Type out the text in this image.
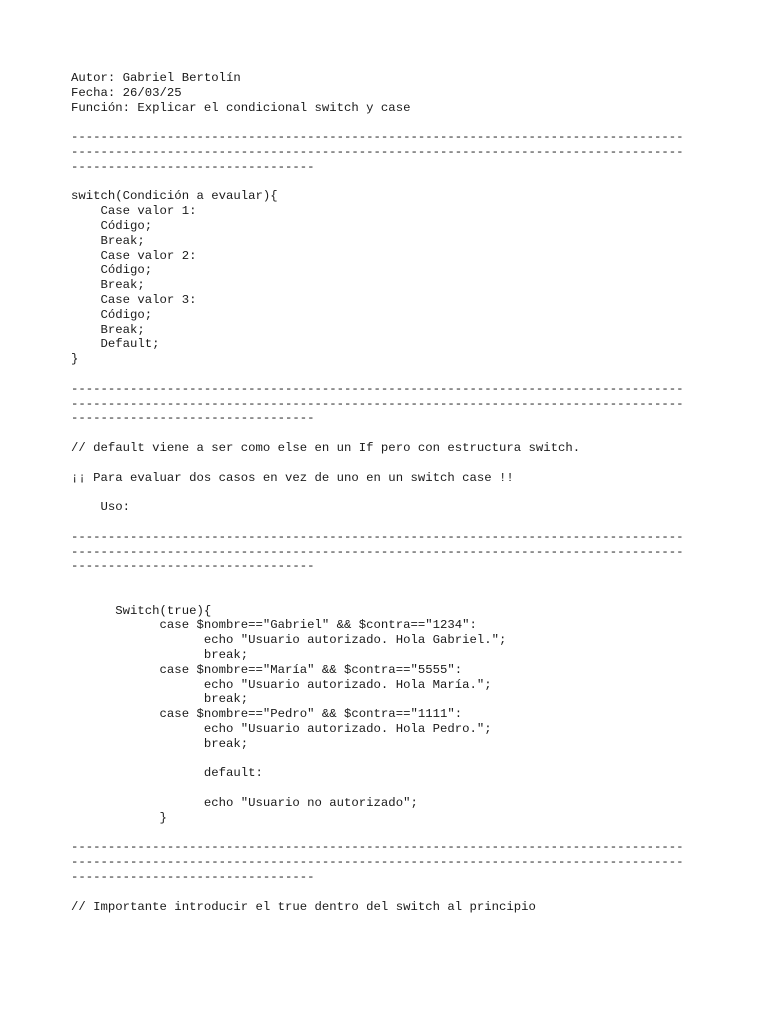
Autor: Gabriel Bertolín
Fecha: 26/03/25
Función: Explicar el condicional switch y case
-----------------------------------------------------------------------------------
-----------------------------------------------------------------------------------
---------------------------------
switch(Condición a evaular){
Case valor 1:
Código;
Break;
Case valor 2:
Código;
Break;
Case valor 3:
Código;
Break;
Default;
}
-----------------------------------------------------------------------------------
-----------------------------------------------------------------------------------
---------------------------------
// default viene a ser como else en un If pero con estructura switch.
¡¡ Para evaluar dos casos en vez de uno en un switch case !!
Uso:
-----------------------------------------------------------------------------------
-----------------------------------------------------------------------------------
---------------------------------
Switch(true){
case $nombre=="Gabriel" && $contra=="1234":
echo "Usuario autorizado. Hola Gabriel.";
break;
case $nombre=="María" && $contra=="5555":
echo "Usuario autorizado. Hola María.";
break;
case $nombre=="Pedro" && $contra=="1111":
echo "Usuario autorizado. Hola Pedro.";
break;
default:
echo "Usuario no autorizado";
}
-----------------------------------------------------------------------------------
-----------------------------------------------------------------------------------
---------------------------------
// Importante introducir el true dentro del switch al principio
